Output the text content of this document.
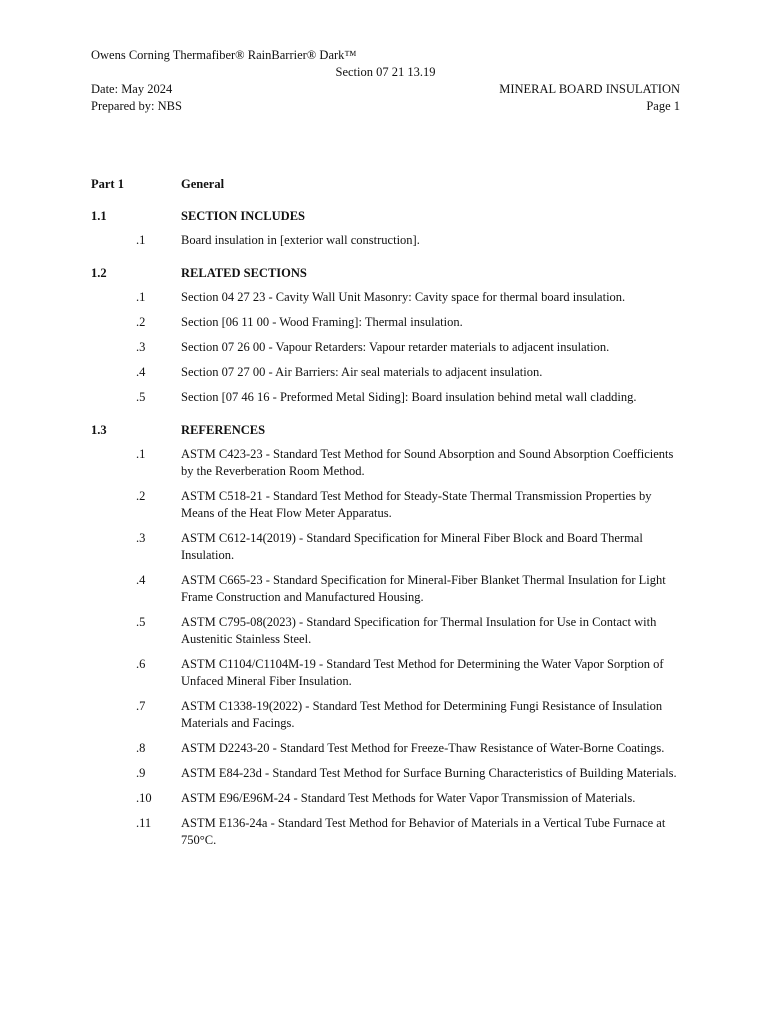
Owens Corning Thermafiber® RainBarrier® Dark™
Section 07 21 13.19
Date: May 2024	MINERAL BOARD INSULATION
Prepared by: NBS	Page 1
Part 1	General
1.1	SECTION INCLUDES
.1	Board insulation in [exterior wall construction].
1.2	RELATED SECTIONS
.1	Section 04 27 23 - Cavity Wall Unit Masonry: Cavity space for thermal board insulation.
.2	Section [06 11 00 - Wood Framing]: Thermal insulation.
.3	Section 07 26 00 - Vapour Retarders: Vapour retarder materials to adjacent insulation.
.4	Section 07 27 00 - Air Barriers: Air seal materials to adjacent insulation.
.5	Section [07 46 16 - Preformed Metal Siding]: Board insulation behind metal wall cladding.
1.3	REFERENCES
.1	ASTM C423-23 - Standard Test Method for Sound Absorption and Sound Absorption Coefficients by the Reverberation Room Method.
.2	ASTM C518-21 - Standard Test Method for Steady-State Thermal Transmission Properties by Means of the Heat Flow Meter Apparatus.
.3	ASTM C612-14(2019) - Standard Specification for Mineral Fiber Block and Board Thermal Insulation.
.4	ASTM C665-23 - Standard Specification for Mineral-Fiber Blanket Thermal Insulation for Light Frame Construction and Manufactured Housing.
.5	ASTM C795-08(2023) - Standard Specification for Thermal Insulation for Use in Contact with Austenitic Stainless Steel.
.6	ASTM C1104/C1104M-19 - Standard Test Method for Determining the Water Vapor Sorption of Unfaced Mineral Fiber Insulation.
.7	ASTM C1338-19(2022) - Standard Test Method for Determining Fungi Resistance of Insulation Materials and Facings.
.8	ASTM D2243-20 - Standard Test Method for Freeze-Thaw Resistance of Water-Borne Coatings.
.9	ASTM E84-23d - Standard Test Method for Surface Burning Characteristics of Building Materials.
.10	ASTM E96/E96M-24 - Standard Test Methods for Water Vapor Transmission of Materials.
.11	ASTM E136-24a - Standard Test Method for Behavior of Materials in a Vertical Tube Furnace at 750°C.
